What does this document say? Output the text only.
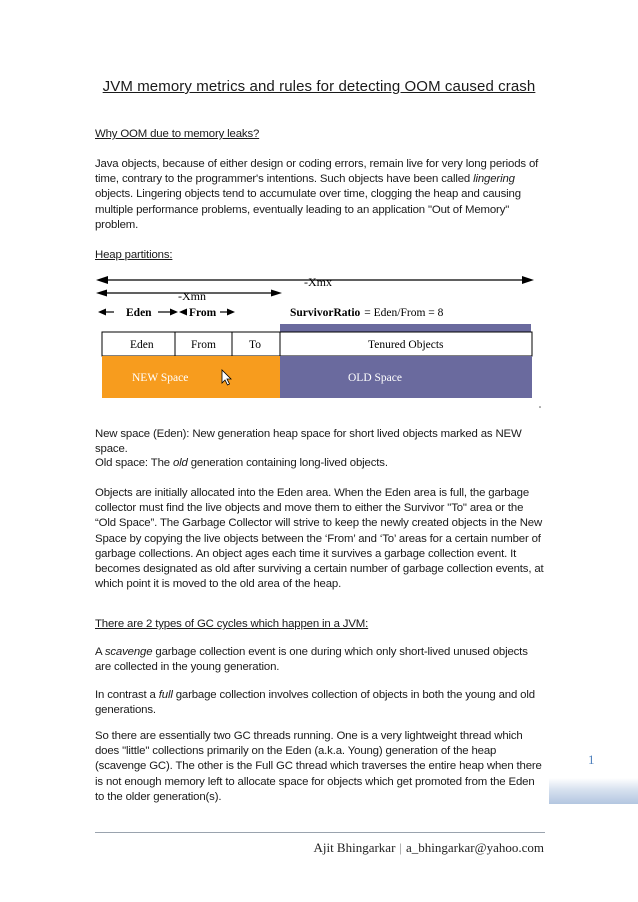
JVM memory metrics and rules for detecting OOM caused crash
Why OOM due to memory leaks?
Java objects, because of either design or coding errors, remain live for very long periods of time, contrary to the programmer's intentions. Such objects have been called lingering objects. Lingering objects tend to accumulate over time, clogging the heap and causing multiple performance problems, eventually leading to an application "Out of Memory" problem.
Heap partitions:
-Xmx
-Xmn
Eden	From	SurvivorRatio = Eden/From = 8
Eden	From	To	Tenured Objects
NEW Space	OLD Space
New space (Eden): New generation heap space for short lived objects marked as NEW space.
Old space: The old generation containing long-lived objects.
Objects are initially allocated into the Eden area. When the Eden area is full, the garbage collector must find the live objects and move them to either the Survivor "To" area or the “Old Space”. The Garbage Collector will strive to keep the newly created objects in the New Space by copying the live objects between the ‘From’ and ‘To’ areas for a certain number of garbage collections. An object ages each time it survives a garbage collection event. It becomes designated as old after surviving a certain number of garbage collection events, at which point it is moved to the old area of the heap.
There are 2 types of GC cycles which happen in a JVM:
A scavenge garbage collection event is one during which only short-lived unused objects are collected in the young generation.
In contrast a full garbage collection involves collection of objects in both the young and old generations.
So there are essentially two GC threads running. One is a very lightweight thread which does "little" collections primarily on the Eden (a.k.a. Young) generation of the heap (scavenge GC). The other is the Full GC thread which traverses the entire heap when there is not enough memory left to allocate space for objects which get promoted from the Eden to the older generation(s).
1
Ajit Bhingarkar | a_bhingarkar@yahoo.com
